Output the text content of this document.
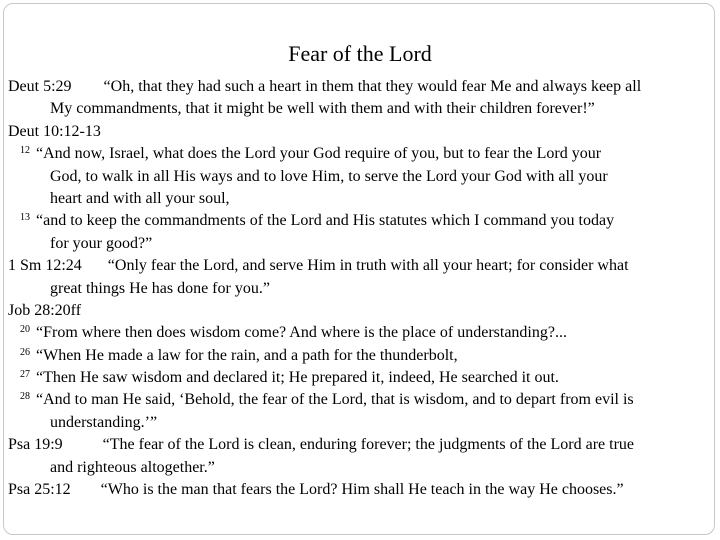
Fear of the Lord
Deut 5:29 “Oh, that they had such a heart in them that they would fear Me and always keep all
My commandments, that it might be well with them and with their children forever!”
Deut 10:12-13
$^{12}$ “And now, Israel, what does the Lord your God require of you, but to fear the Lord your
God, to walk in all His ways and to love Him, to serve the Lord your God with all your
heart and with all your soul,
$^{13}$ “and to keep the commandments of the Lord and His statutes which I command you today
for your good?”
1 Sm 12:24 “Only fear the Lord, and serve Him in truth with all your heart; for consider what
great things He has done for you.”
Job 28:20ff
$^{20}$ “From where then does wisdom come? And where is the place of understanding?...
$^{26}$ “When He made a law for the rain, and a path for the thunderbolt,
$^{27}$ “Then He saw wisdom and declared it; He prepared it, indeed, He searched it out.
$^{28}$ “And to man He said, ‘Behold, the fear of the Lord, that is wisdom, and to depart from evil is
understanding.’”
Psa 19:9	“The fear of the Lord is clean, enduring forever; the judgments of the Lord are true
and righteous altogether.”
Psa 25:12 “Who is the man that fears the Lord? Him shall He teach in the way He chooses.”
